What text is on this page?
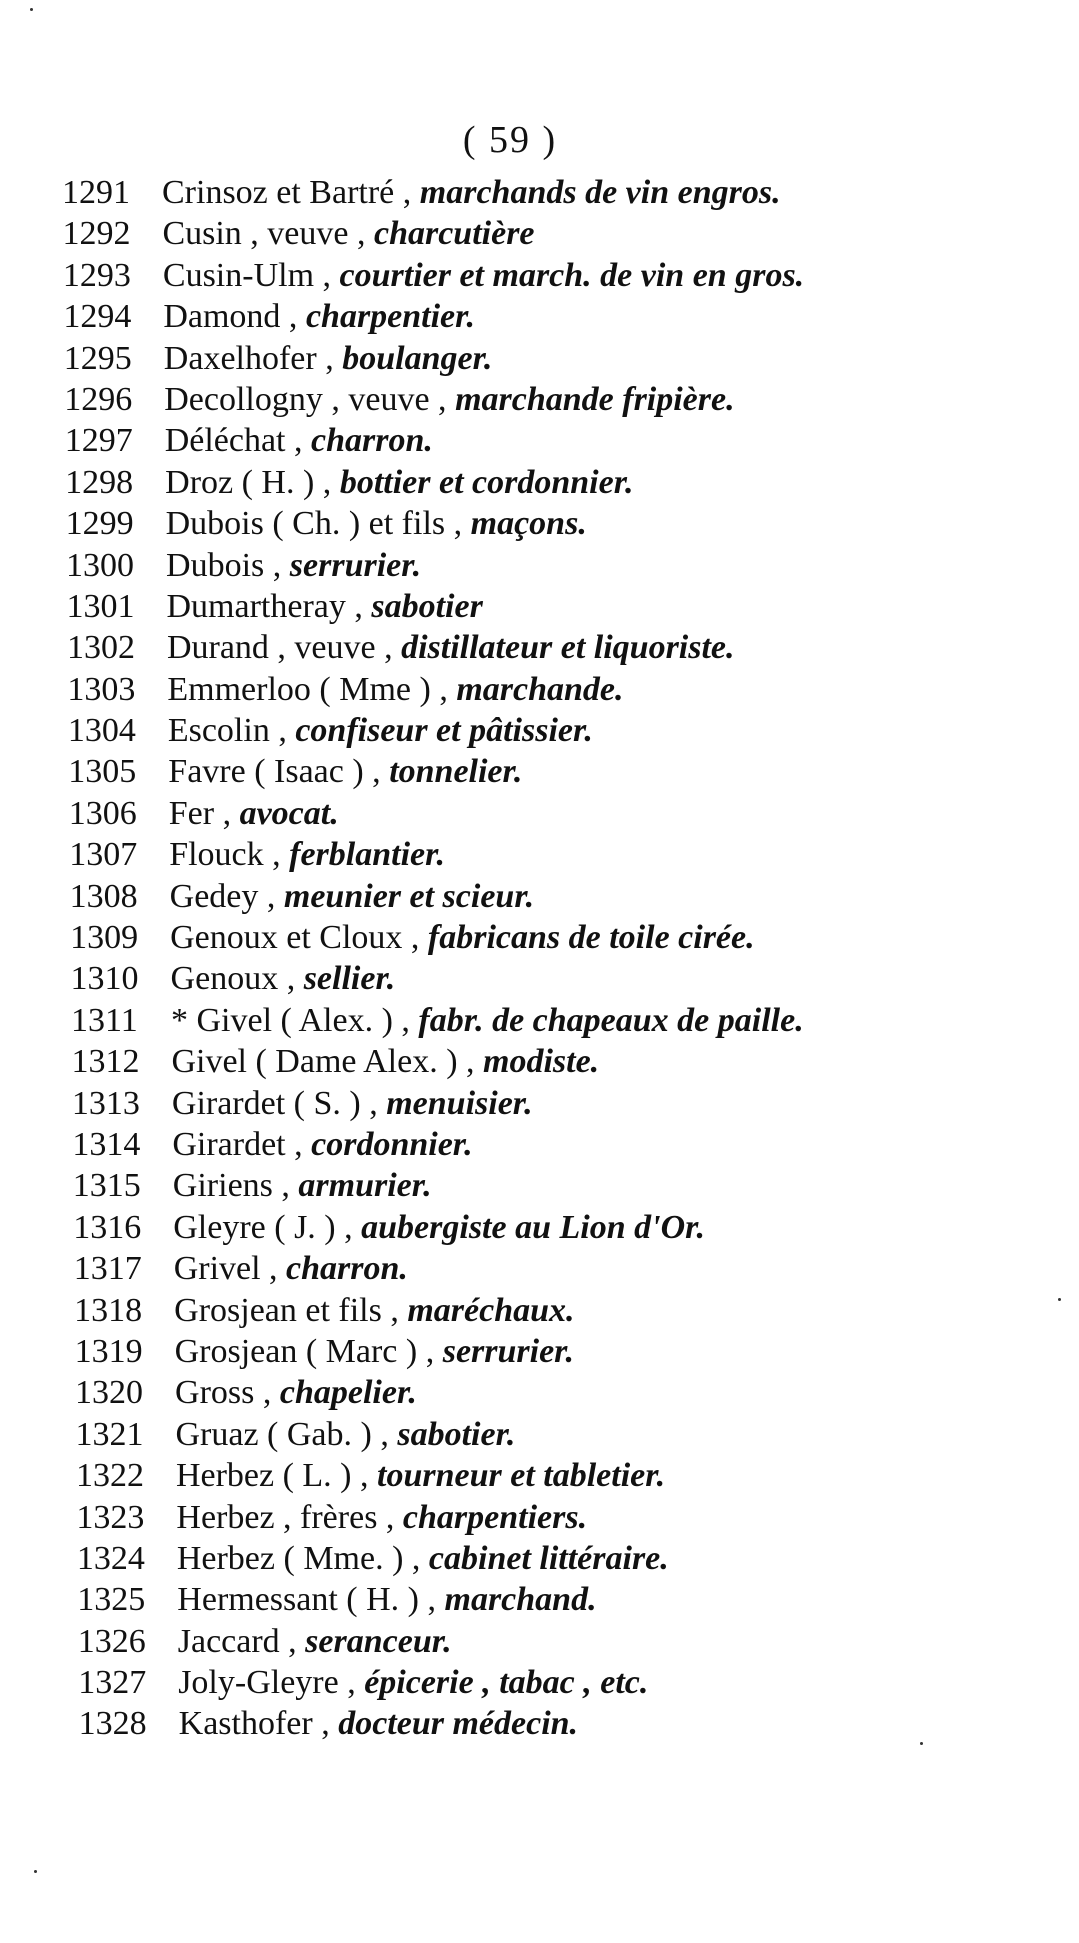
( 59 )
1291 Crinsoz et Bartré , marchands de vin engros.
1292 Cusin , veuve , charcutière
1293 Cusin-Ulm , courtier et march. de vin en gros.
1294 Damond , charpentier.
1295 Daxelhofer , boulanger.
1296 Decollogny , veuve , marchande fripière.
1297 Déléchat , charron.
1298 Droz ( H. ) , bottier et cordonnier.
1299 Dubois ( Ch. ) et fils , maçons.
1300 Dubois , serrurier.
1301 Dumartheray , sabotier
1302 Durand , veuve , distillateur et liquoriste.
1303 Emmerloo ( Mme ) , marchande.
1304 Escolin , confiseur et pâtissier.
1305 Favre ( Isaac ) , tonnelier.
1306 Fer , avocat.
1307 Flouck , ferblantier.
1308 Gedey , meunier et scieur.
1309 Genoux et Cloux , fabricans de toile cirée.
1310 Genoux , sellier.
1311 * Givel ( Alex. ) , fabr. de chapeaux de paille.
1312 Givel ( Dame Alex. ) , modiste.
1313 Girardet ( S. ) , menuisier.
1314 Girardet , cordonnier.
1315 Giriens , armurier.
1316 Gleyre ( J. ) , aubergiste au Lion d'Or.
1317 Grivel , charron.
1318 Grosjean et fils , maréchaux.
1319 Grosjean ( Marc ) , serrurier.
1320 Gross , chapelier.
1321 Gruaz ( Gab. ) , sabotier.
1322 Herbez ( L. ) , tourneur et tabletier.
1323 Herbez , frères , charpentiers.
1324 Herbez ( Mme. ) , cabinet littéraire.
1325 Hermessant ( H. ) , marchand.
1326 Jaccard , seranceur.
1327 Joly-Gleyre , épicerie , tabac , etc.
1328 Kasthofer , docteur médecin.
